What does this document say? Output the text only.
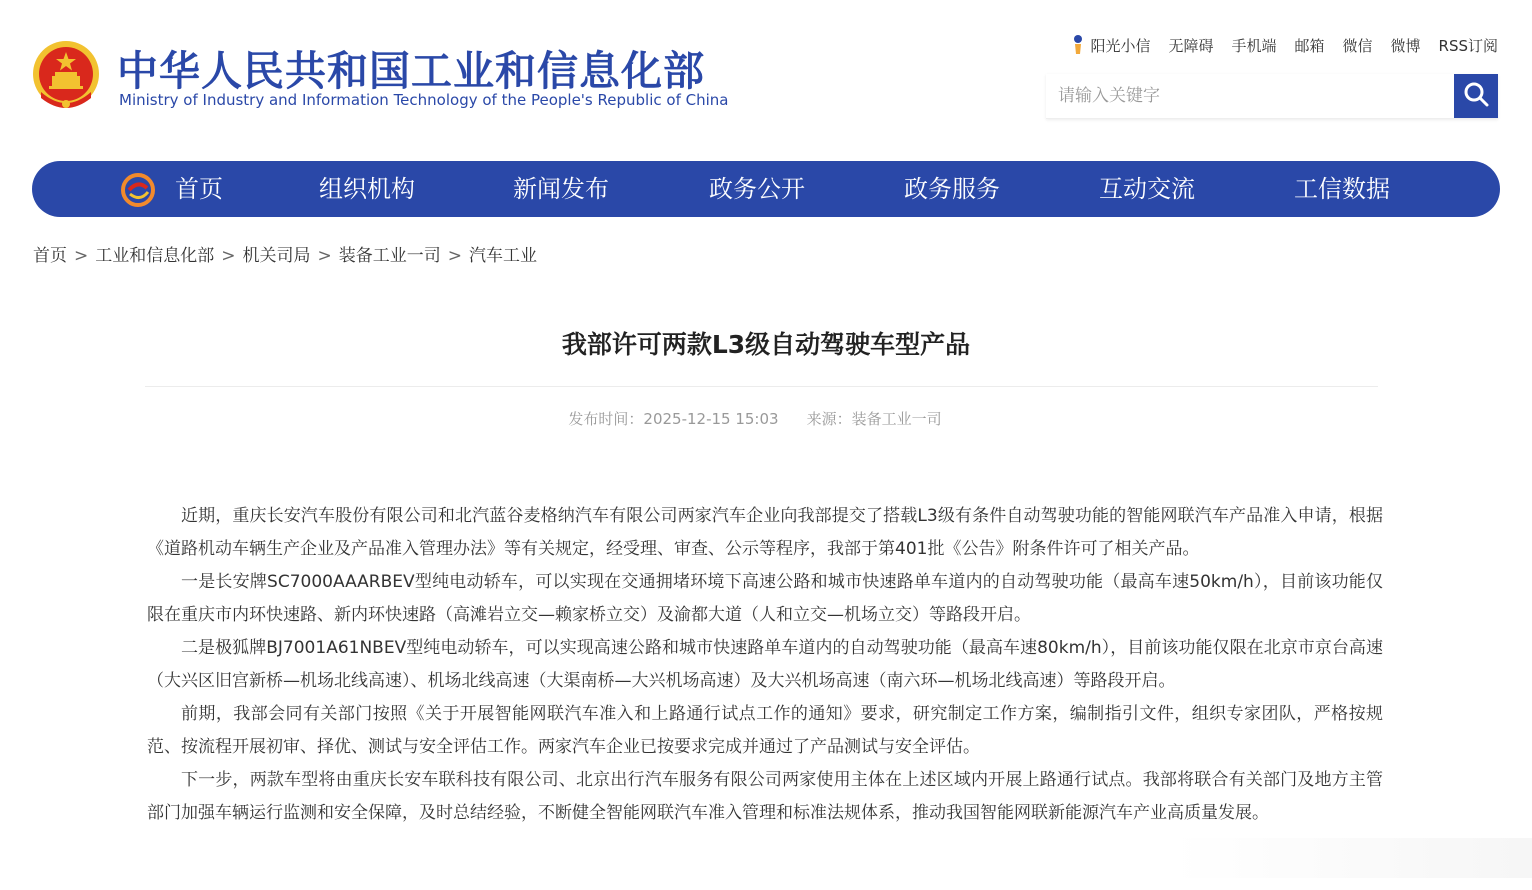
中华人民共和国工业和信息化部
Ministry of Industry and Information Technology of the People's Republic of China
阳光小信 无障碍 手机端 邮箱 微信 微博 RSS订阅
请输入关键字
首页	组织机构	新闻发布	政务公开	政务服务	互动交流	工信数据
首页 > 工业和信息化部 > 机关司局 > 装备工业一司 > 汽车工业
我部许可两款L3级自动驾驶车型产品
发布时间：2025-12-15 15:03 来源：装备工业一司

近期，重庆长安汽车股份有限公司和北汽蓝谷麦格纳汽车有限公司两家汽车企业向我部提交了搭载L3级有条件自动驾驶功能的智能网联汽车产品准入申请，根据《道路机动车辆生产企业及产品准入管理办法》等有关规定，经受理、审查、公示等程序，我部于第401批《公告》附条件许可了相关产品。

一是长安牌SC7000AAARBEV型纯电动轿车，可以实现在交通拥堵环境下高速公路和城市快速路单车道内的自动驾驶功能（最高车速50km/h），目前该功能仅限在重庆市内环快速路、新内环快速路（高滩岩立交—赖家桥立交）及渝都大道（人和立交—机场立交）等路段开启。

二是极狐牌BJ7001A61NBEV型纯电动轿车，可以实现高速公路和城市快速路单车道内的自动驾驶功能（最高车速80km/h），目前该功能仅限在北京市京台高速（大兴区旧宫新桥—机场北线高速）、机场北线高速（大渠南桥—大兴机场高速）及大兴机场高速（南六环—机场北线高速）等路段开启。

前期，我部会同有关部门按照《关于开展智能网联汽车准入和上路通行试点工作的通知》要求，研究制定工作方案，编制指引文件，组织专家团队，严格按规范、按流程开展初审、择优、测试与安全评估工作。两家汽车企业已按要求完成并通过了产品测试与安全评估。

下一步，两款车型将由重庆长安车联科技有限公司、北京出行汽车服务有限公司两家使用主体在上述区域内开展上路通行试点。我部将联合有关部门及地方主管部门加强车辆运行监测和安全保障，及时总结经验，不断健全智能网联汽车准入管理和标准法规体系，推动我国智能网联新能源汽车产业高质量发展。
